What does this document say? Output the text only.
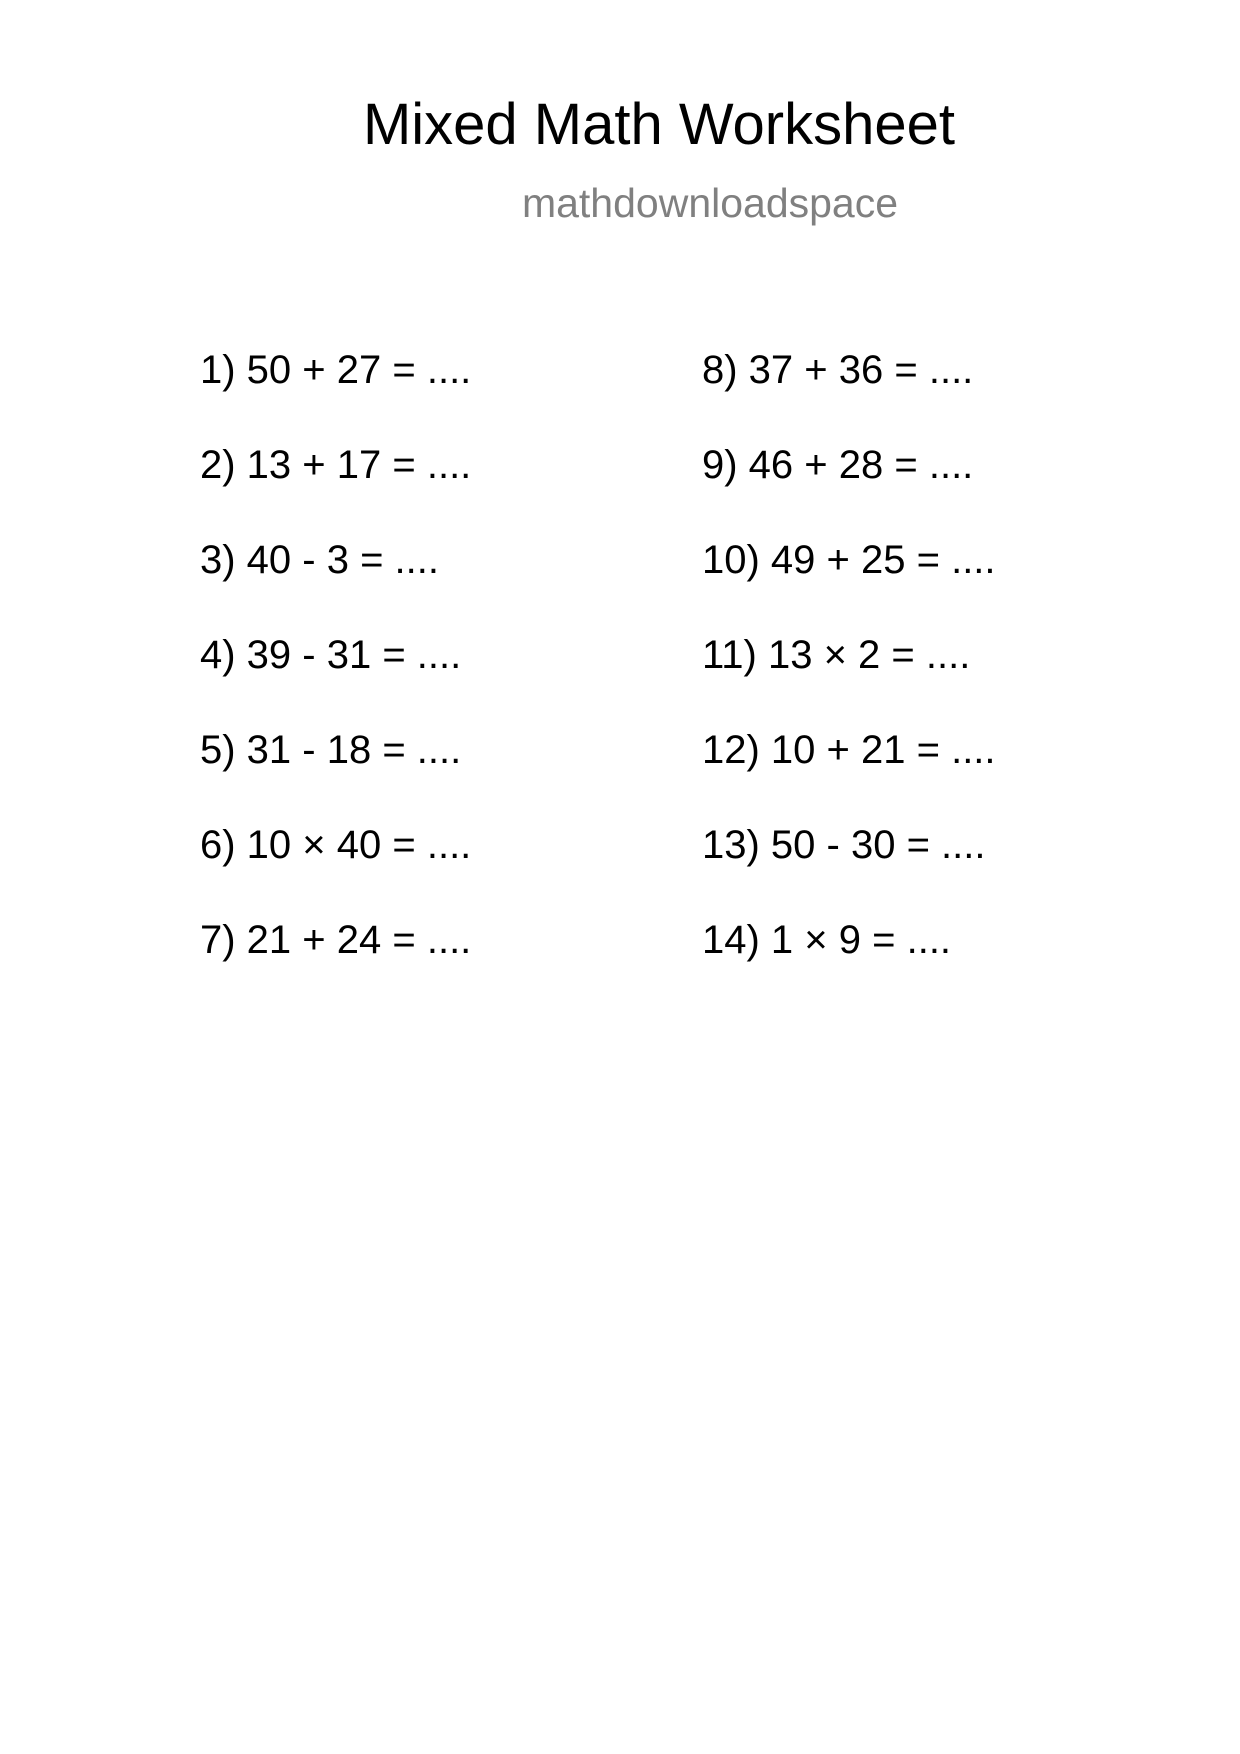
Mixed Math Worksheet
mathdownloadspace
1) 50 + 27 = ....
2) 13 + 17 = ....
3) 40 - 3 = ....
4) 39 - 31 = ....
5) 31 - 18 = ....
6) 10 × 40 = ....
7) 21 + 24 = ....
8) 37 + 36 = ....
9) 46 + 28 = ....
10) 49 + 25 = ....
11) 13 × 2 = ....
12) 10 + 21 = ....
13) 50 - 30 = ....
14) 1 × 9 = ....
